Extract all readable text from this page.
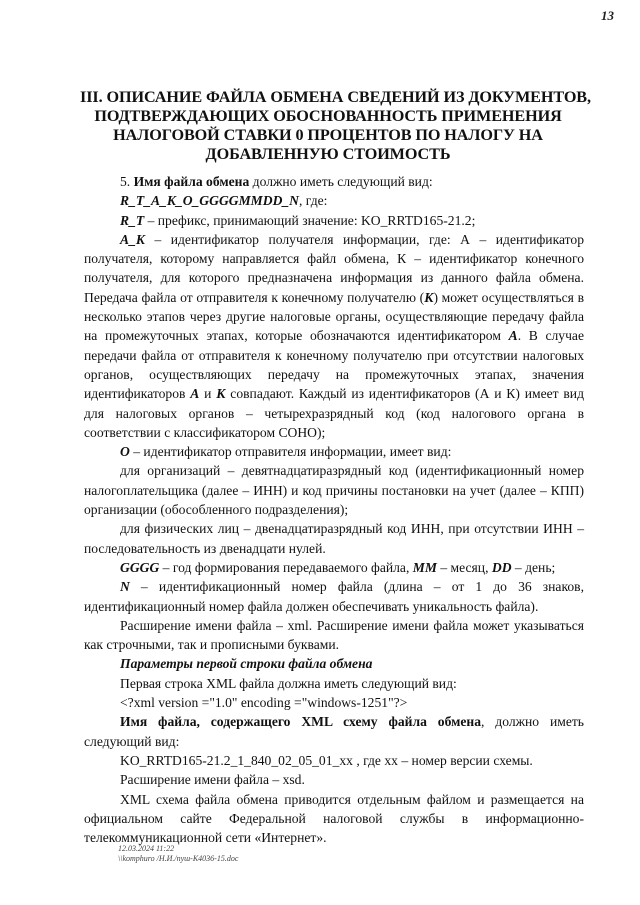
13
III. ОПИСАНИЕ ФАЙЛА ОБМЕНА СВЕДЕНИЙ ИЗ ДОКУМЕНТОВ,
ПОДТВЕРЖДАЮЩИХ ОБОСНОВАННОСТЬ ПРИМЕНЕНИЯ
НАЛОГОВОЙ СТАВКИ 0 ПРОЦЕНТОВ ПО НАЛОГУ НА
ДОБАВЛЕННУЮ СТОИМОСТЬ

5. Имя файла обмена должно иметь следующий вид:

R_T_A_K_O_GGGGMMDD_N, где:

R_T – префикс, принимающий значение: KO_RRTD165-21.2;

A_K – идентификатор получателя информации, где: А – идентификатор получателя, которому направляется файл обмена, К – идентификатор конечного получателя, для которого предназначена информация из данного файла обмена. Передача файла от отправителя к конечному получателю (К) может осуществляться в несколько этапов через другие налоговые органы, осуществляющие передачу файла на промежуточных этапах, которые обозначаются идентификатором А. В случае передачи файла от отправителя к конечному получателю при отсутствии налоговых органов, осуществляющих передачу на промежуточных этапах, значения идентификаторов А и К совпадают. Каждый из идентификаторов (А и К) имеет вид для налоговых органов – четырехразрядный код (код налогового органа в соответствии с классификатором СОНО);

O – идентификатор отправителя информации, имеет вид:

для организаций – девятнадцатиразрядный код (идентификационный номер налогоплательщика (далее – ИНН) и код причины постановки на учет (далее – КПП) организации (обособленного подразделения);

для физических лиц – двенадцатиразрядный код ИНН, при отсутствии ИНН – последовательность из двенадцати нулей.

GGGG – год формирования передаваемого файла, MM – месяц, DD – день;

N – идентификационный номер файла (длина – от 1 до 36 знаков, идентификационный номер файла должен обеспечивать уникальность файла).

Расширение имени файла – xml. Расширение имени файла может указываться как строчными, так и прописными буквами.

Параметры первой строки файла обмена

Первая строка XML файла должна иметь следующий вид:

<?xml version ="1.0" encoding ="windows-1251"?>

Имя файла, содержащего XML схему файла обмена, должно иметь следующий вид:

KO_RRTD165-21.2_1_840_02_05_01_xx , где хх – номер версии схемы.

Расширение имени файла – xsd.

XML схема файла обмена приводится отдельным файлом и размещается на официальном сайте Федеральной налоговой службы в информационно-телекоммуникационной сети «Интернет».

12.03.2024 11:22
\\komphuro /Н.И./пуш-К4036-15.doc
